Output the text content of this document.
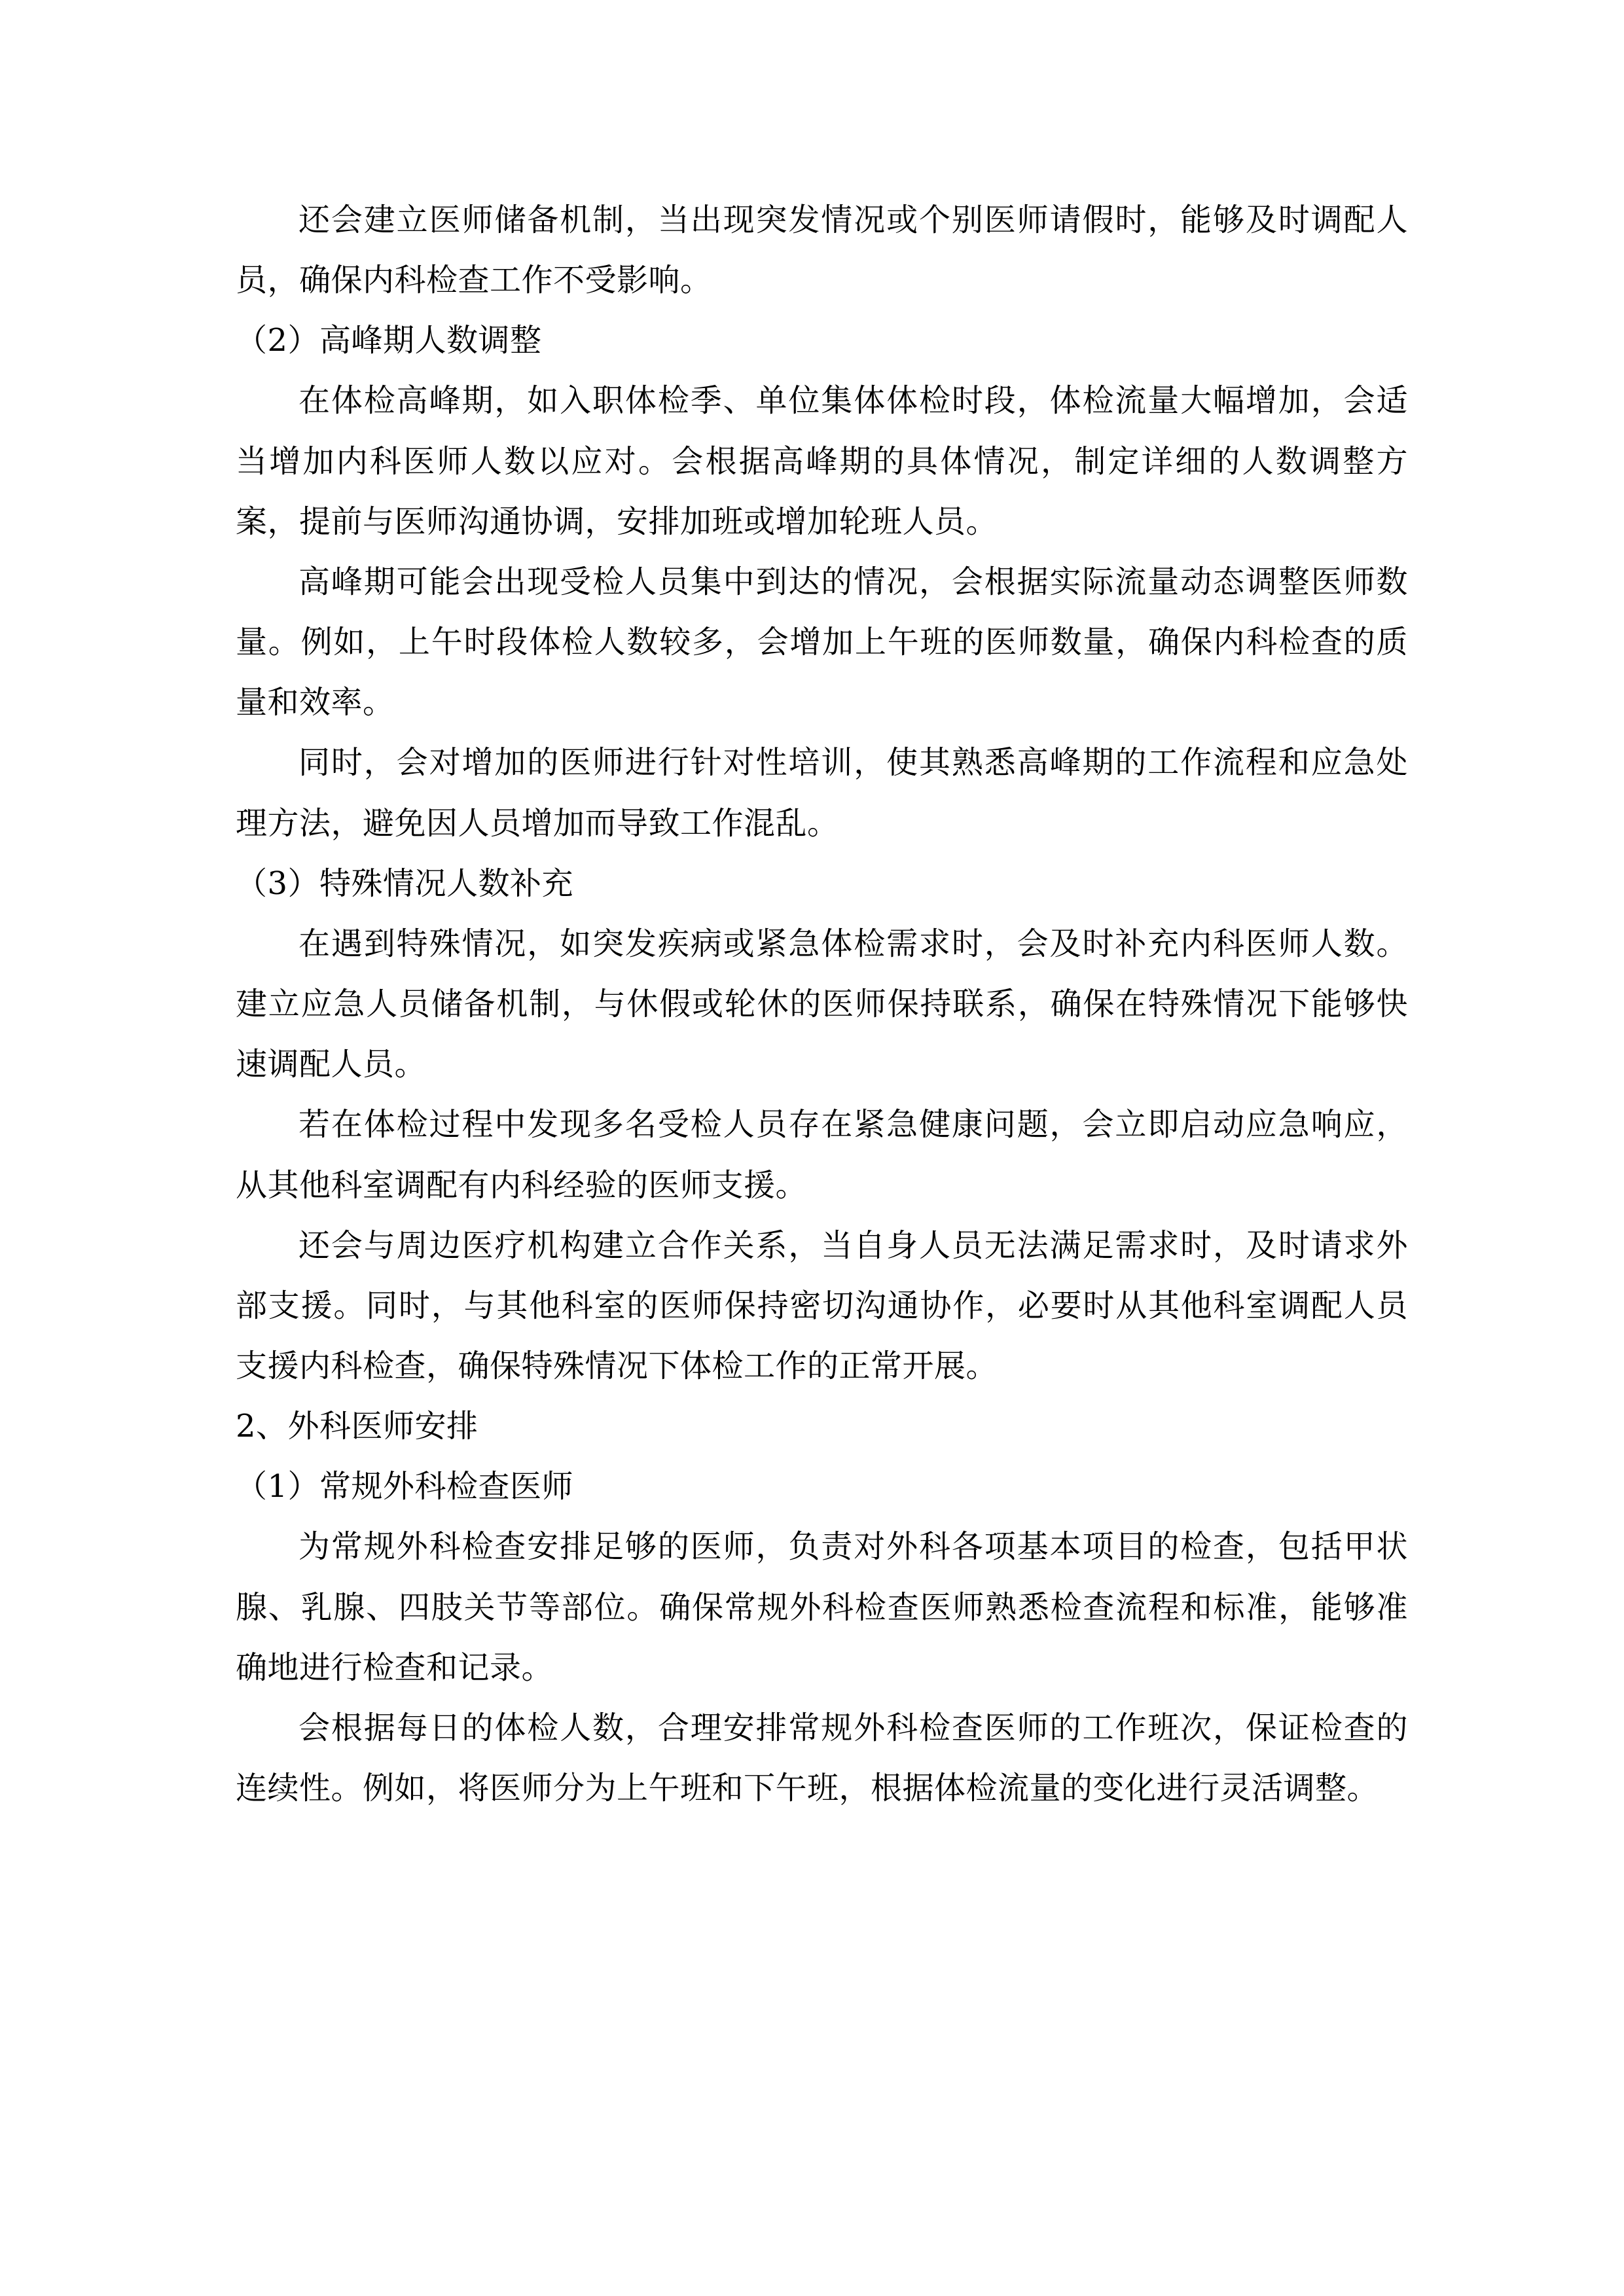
还会建立医师储备机制，当出现突发情况或个别医师请假时，能够及时调配人员，确保内科检查工作不受影响。

（2）高峰期人数调整

在体检高峰期，如入职体检季、单位集体体检时段，体检流量大幅增加，会适当增加内科医师人数以应对。会根据高峰期的具体情况，制定详细的人数调整方案，提前与医师沟通协调，安排加班或增加轮班人员。

高峰期可能会出现受检人员集中到达的情况，会根据实际流量动态调整医师数量。例如，上午时段体检人数较多，会增加上午班的医师数量，确保内科检查的质量和效率。

同时，会对增加的医师进行针对性培训，使其熟悉高峰期的工作流程和应急处理方法，避免因人员增加而导致工作混乱。

（3）特殊情况人数补充

在遇到特殊情况，如突发疾病或紧急体检需求时，会及时补充内科医师人数。建立应急人员储备机制，与休假或轮休的医师保持联系，确保在特殊情况下能够快速调配人员。

若在体检过程中发现多名受检人员存在紧急健康问题，会立即启动应急响应，从其他科室调配有内科经验的医师支援。

还会与周边医疗机构建立合作关系，当自身人员无法满足需求时，及时请求外部支援。同时，与其他科室的医师保持密切沟通协作，必要时从其他科室调配人员支援内科检查，确保特殊情况下体检工作的正常开展。

2、外科医师安排

（1）常规外科检查医师

为常规外科检查安排足够的医师，负责对外科各项基本项目的检查，包括甲状腺、乳腺、四肢关节等部位。确保常规外科检查医师熟悉检查流程和标准，能够准确地进行检查和记录。

会根据每日的体检人数，合理安排常规外科检查医师的工作班次，保证检查的连续性。例如，将医师分为上午班和下午班，根据体检流量的变化进行灵活调整。
